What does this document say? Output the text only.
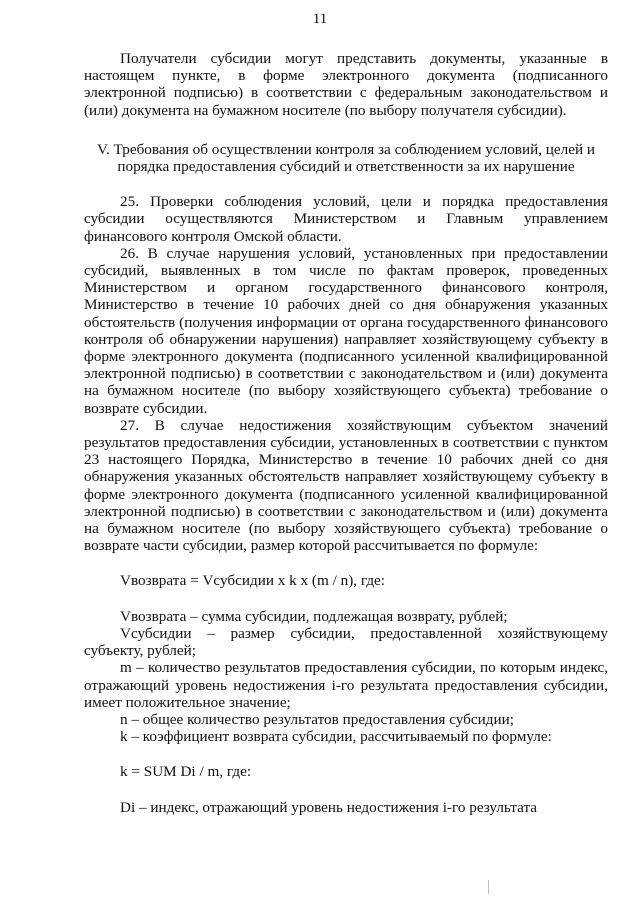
11

Получатели субсидии могут представить документы, указанные в настоящем пункте, в форме электронного документа (подписанного электронной подписью) в соответствии с федеральным законодательством и (или) документа на бумажном носителе (по выбору получателя субсидии).

V. Требования об осуществлении контроля за соблюдением условий, целей и порядка предоставления субсидий и ответственности за их нарушение

25. Проверки соблюдения условий, цели и порядка предоставления субсидии осуществляются Министерством и Главным управлением финансового контроля Омской области.

26. В случае нарушения условий, установленных при предоставлении субсидий, выявленных в том числе по фактам проверок, проведенных Министерством и органом государственного финансового контроля, Министерство в течение 10 рабочих дней со дня обнаружения указанных обстоятельств (получения информации от органа государственного финансового контроля об обнаружении нарушения) направляет хозяйствующему субъекту в форме электронного документа (подписанного усиленной квалифицированной электронной подписью) в соответствии с законодательством и (или) документа на бумажном носителе (по выбору хозяйствующего субъекта) требование о возврате субсидии.

27. В случае недостижения хозяйствующим субъектом значений результатов предоставления субсидии, установленных в соответствии с пунктом 23 настоящего Порядка, Министерство в течение 10 рабочих дней со дня обнаружения указанных обстоятельств направляет хозяйствующему субъекту в форме электронного документа (подписанного усиленной квалифицированной электронной подписью) в соответствии с законодательством и (или) документа на бумажном носителе (по выбору хозяйствующего субъекта) требование о возврате части субсидии, размер которой рассчитывается по формуле:

Vвозврата = Vсубсидии x k x (m / n), где:

Vвозврата – сумма субсидии, подлежащая возврату, рублей;

Vсубсидии – размер субсидии, предоставленной хозяйствующему субъекту, рублей;

m – количество результатов предоставления субсидии, по которым индекс, отражающий уровень недостижения i-го результата предоставления субсидии, имеет положительное значение;

n – общее количество результатов предоставления субсидии;

k – коэффициент возврата субсидии, рассчитываемый по формуле:

k = SUM Di / m, где:

Di – индекс, отражающий уровень недостижения i-го результата
